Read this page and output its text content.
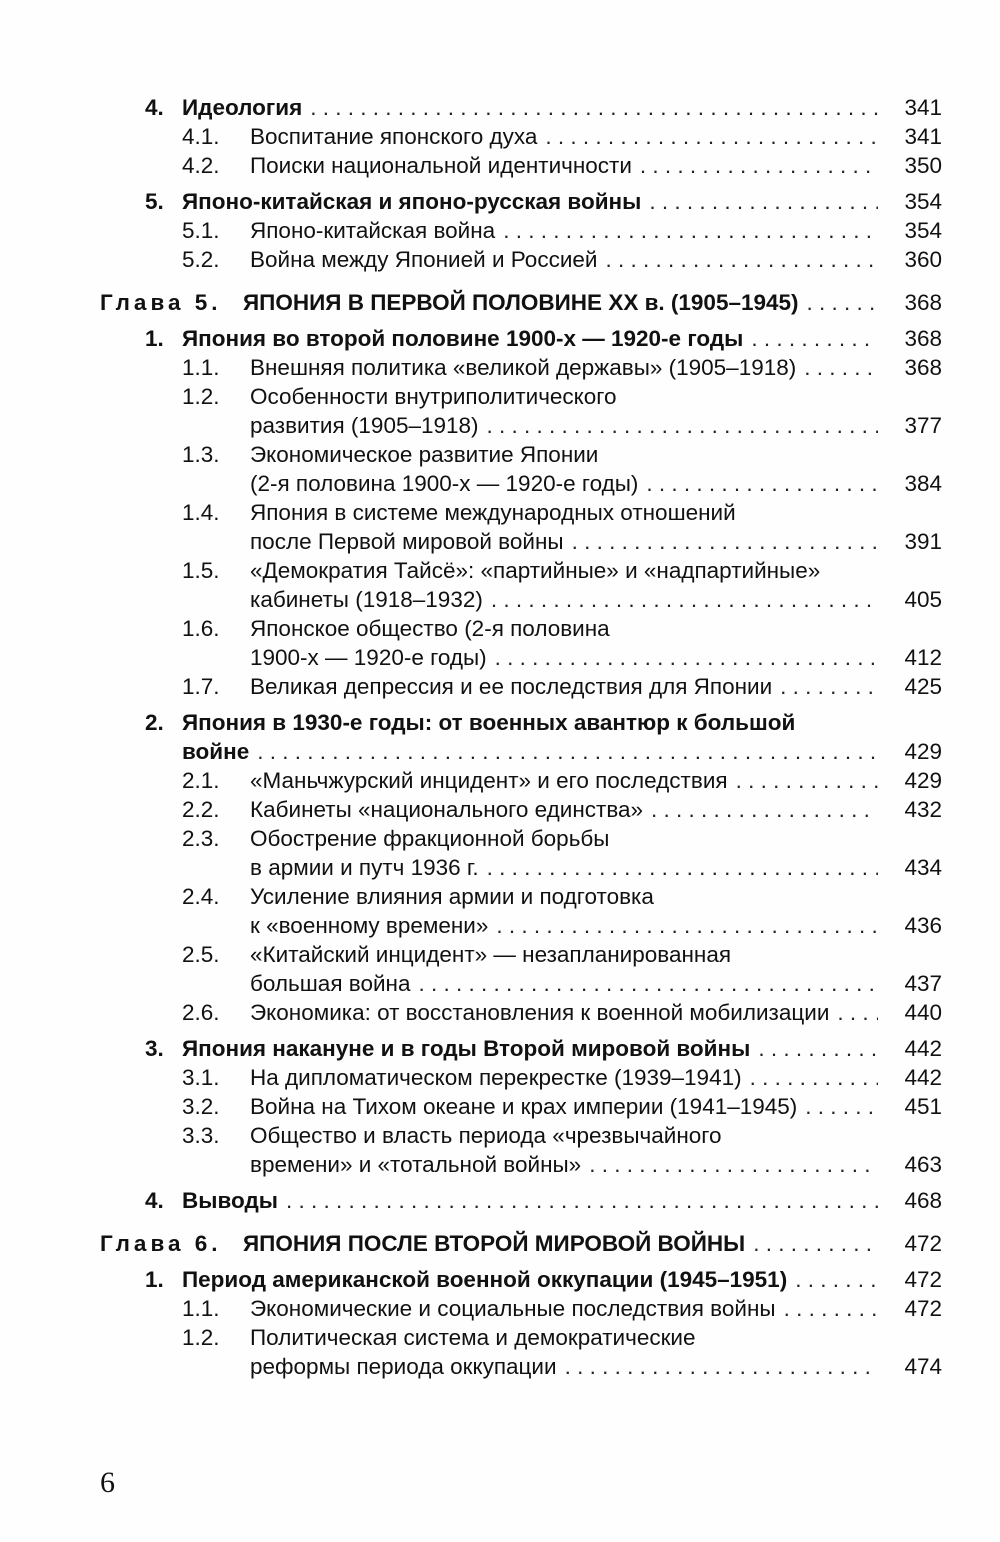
4. Идеология . . .	341
4.1. Воспитание японского духа . . .	341
4.2. Поиски национальной идентичности . . .	350
5. Японо-китайская и японо-русская войны . . .	354
5.1. Японо-китайская война . . .	354
5.2. Война между Японией и Россией . . .	360
Глава 5. ЯПОНИЯ В ПЕРВОЙ ПОЛОВИНЕ XX в. (1905–1945) . . .	368
1. Япония во второй половине 1900-х — 1920-е годы . . .	368
1.1. Внешняя политика «великой державы» (1905–1918) . . .	368
1.2. Особенности внутриполитического
развития (1905–1918) . . .	377
1.3. Экономическое развитие Японии
(2-я половина 1900-х — 1920-е годы) . . .	384
1.4. Япония в системе международных отношений
после Первой мировой войны . . .	391
1.5. «Демократия Тайсё»: «партийные» и «надпартийные»
кабинеты (1918–1932) . . .	405
1.6. Японское общество (2-я половина
1900-х — 1920-е годы) . . .	412
1.7. Великая депрессия и ее последствия для Японии . . .	425
2. Япония в 1930-е годы: от военных авантюр к большой
войне . . .	429
2.1. «Маньчжурский инцидент» и его последствия . . .	429
2.2. Кабинеты «национального единства» . . .	432
2.3. Обострение фракционной борьбы
в армии и путч 1936 г. . . .	434
2.4. Усиление влияния армии и подготовка
к «военному времени» . . .	436
2.5. «Китайский инцидент» — незапланированная
большая война . . .	437
2.6. Экономика: от восстановления к военной мобилизации . . .	440
3. Япония накануне и в годы Второй мировой войны . . .	442
3.1. На дипломатическом перекрестке (1939–1941) . . .	442
3.2. Война на Тихом океане и крах империи (1941–1945) . . .	451
3.3. Общество и власть периода «чрезвычайного
времени» и «тотальной войны» . . .	463
4. Выводы . . .	468
Глава 6. ЯПОНИЯ ПОСЛЕ ВТОРОЙ МИРОВОЙ ВОЙНЫ . . .	472
1. Период американской военной оккупации (1945–1951) . . .	472
1.1. Экономические и социальные последствия войны . . .	472
1.2. Политическая система и демократические
реформы периода оккупации . . .	474
6
